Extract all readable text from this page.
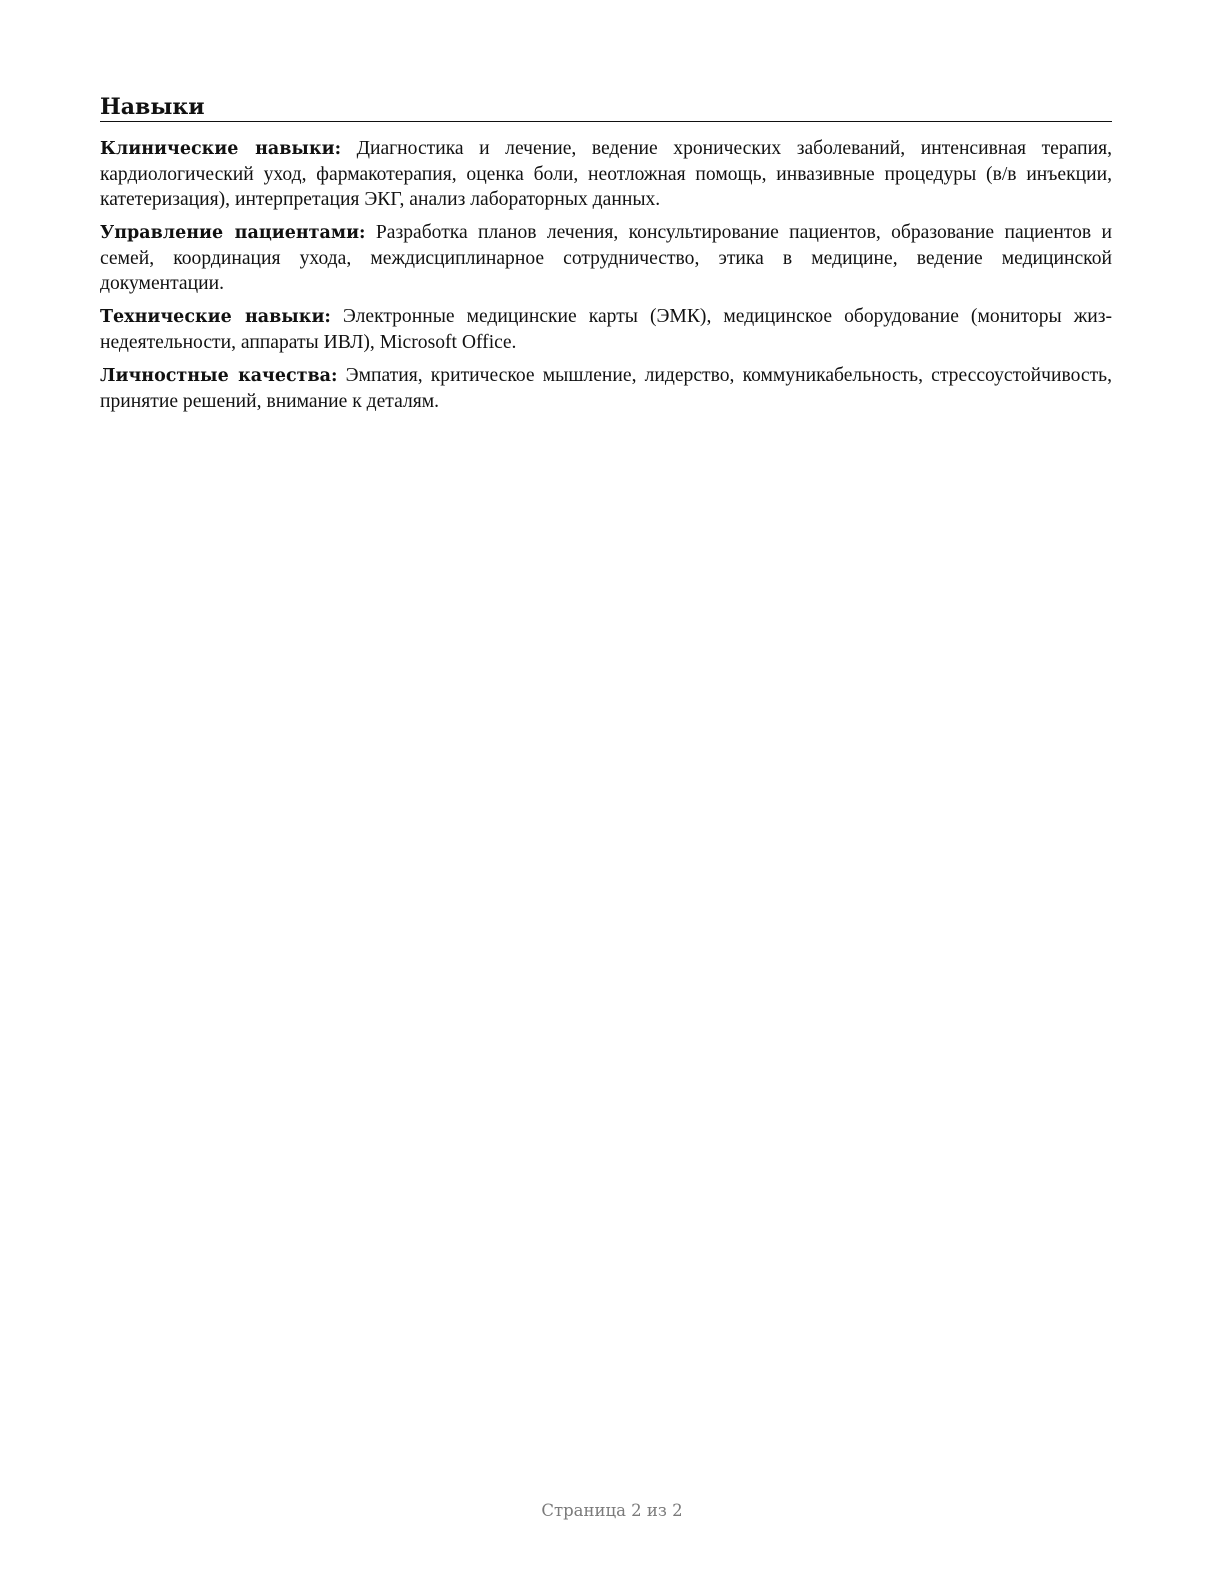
Навыки

Клинические навыки: Диагностика и лечение, ведение хронических заболеваний, интенсивная терапия, кардиологический уход, фармакотерапия, оценка боли, неотложная помощь, инвазивные процедуры (в/в инъекции, катетеризация), интерпретация ЭКГ, анализ лабораторных данных.

Управление пациентами: Разработка планов лечения, консультирование пациентов, образование пациентов и семей, координация ухода, междисциплинарное сотрудничество, этика в медицине, ведение медицинской документации.

Технические навыки: Электронные медицинские карты (ЭМК), медицинское оборудование (мониторы жизнедеятельности, аппараты ИВЛ), Microsoft Office.

Личностные качества: Эмпатия, критическое мышление, лидерство, коммуникабельность, стрессоустойчивость, принятие решений, внимание к деталям.

Страница 2 из 2
